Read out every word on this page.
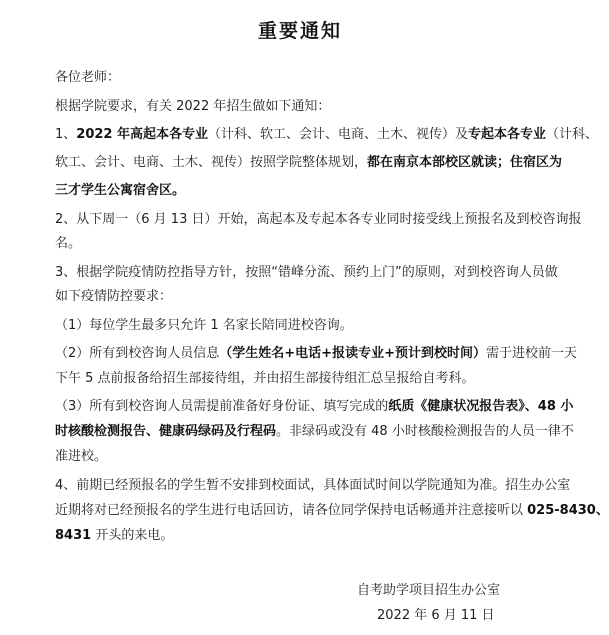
重要通知
各位老师：
根据学院要求，有关 2022 年招生做如下通知：
1、2022 年高起本各专业（计科、软工、会计、电商、土木、视传）及专起本各专业（计科、
软工、会计、电商、土木、视传）按照学院整体规划，都在南京本部校区就读；住宿区为
三才学生公寓宿舍区。
2、从下周一（6 月 13 日）开始，高起本及专起本各专业同时接受线上预报名及到校咨询报
名。
3、根据学院疫情防控指导方针，按照“错峰分流、预约上门”的原则，对到校咨询人员做
如下疫情防控要求：
（1）每位学生最多只允许 1 名家长陪同进校咨询。
（2）所有到校咨询人员信息（学生姓名+电话+报读专业+预计到校时间）需于进校前一天
下午 5 点前报备给招生部接待组，并由招生部接待组汇总呈报给自考科。
（3）所有到校咨询人员需提前准备好身份证、填写完成的纸质《健康状况报告表》、48 小
时核酸检测报告、健康码绿码及行程码。非绿码或没有 48 小时核酸检测报告的人员一律不
准进校。
4、前期已经预报名的学生暂不安排到校面试，具体面试时间以学院通知为准。招生办公室
近期将对已经预报名的学生进行电话回访，请各位同学保持电话畅通并注意接听以 025-8430、
8431 开头的来电。
自考助学项目招生办公室
2022 年 6 月 11 日
